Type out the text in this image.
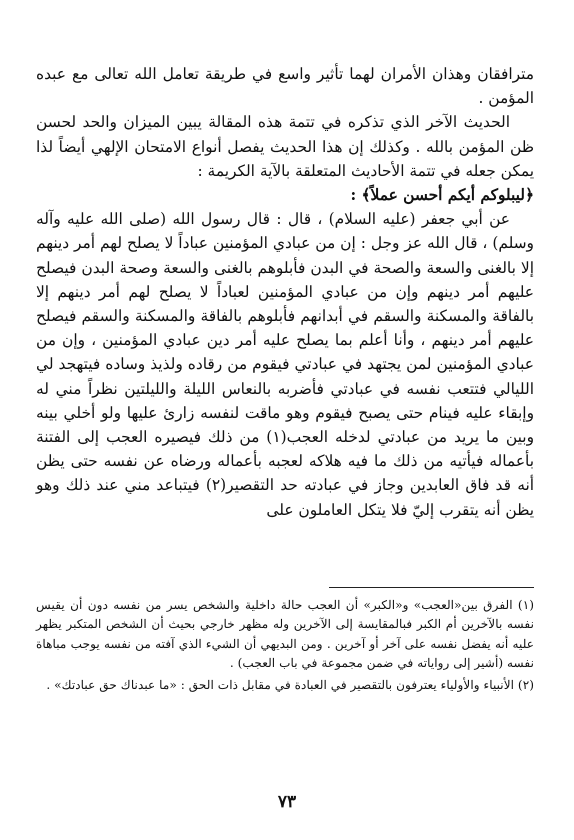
مترافقان وهذان الأمران لهما تأثير واسع في طريقة تعامل الله تعالى مع عبده المؤمن .

الحديث الآخر الذي تذكره في تتمة هذه المقالة يبين الميزان والحد لحسن ظن المؤمن بالله . وكذلك إن هذا الحديث يفصل أنواع الامتحان الإلهي أيضاً لذا يمكن جعله في تتمة الأحاديث المتعلقة بالآية الكريمة :

﴿ليبلوكم أيكم أحسن عملاً﴾ :

عن أبي جعفر (عليه السلام) ، قال : قال رسول الله (صلى الله عليه وآله وسلم) ، قال الله عز وجل : إن من عبادي المؤمنين عباداً لا يصلح لهم أمر دينهم إلا بالغنى والسعة والصحة في البدن فأبلوهم بالغنى والسعة وصحة البدن فيصلح عليهم أمر دينهم وإن من عبادي المؤمنين لعباداً لا يصلح لهم أمر دينهم إلا بالفاقة والمسكنة والسقم في أبدانهم فأبلوهم بالفاقة والمسكنة والسقم فيصلح عليهم أمر دينهم ، وأنا أعلم بما يصلح عليه أمر دين عبادي المؤمنين ، وإن من عبادي المؤمنين لمن يجتهد في عبادتي فيقوم من رقاده ولذيذ وساده فيتهجد لي الليالي فتتعب نفسه في عبادتي فأضربه بالنعاس الليلة والليلتين نظراً مني له وإبقاء عليه فينام حتى يصبح فيقوم وهو ماقت لنفسه زارئ عليها ولو أخلي بينه وبين ما يريد من عبادتي لدخله العجب(١) من ذلك فيصيره العجب إلى الفتنة بأعماله فيأتيه من ذلك ما فيه هلاكه لعجبه بأعماله ورضاه عن نفسه حتى يظن أنه قد فاق العابدين وجاز في عبادته حد التقصير(٢) فيتباعد مني عند ذلك وهو يظن أنه يتقرب إليّ فلا يتكل العاملون على

(١) الفرق بين«العجب» و«الكبر» أن العجب حالة داخلية والشخص يسر من نفسه دون أن يقيس نفسه بالآخرين أم الكبر فبالمقايسة إلى الآخرين وله مظهر خارجي بحيث أن الشخص المتكبر يظهر عليه أنه يفضل نفسه على آخر أو آخرين . ومن البديهي أن الشيء الذي آفته من نفسه يوجب مباهاة نفسه (أشير إلى رواياته في ضمن مجموعة في باب العجب) .

(٢) الأنبياء والأولياء يعترفون بالتقصير في العبادة في مقابل ذات الحق : «ما عبدناك حق عبادتك» .

٧٣
